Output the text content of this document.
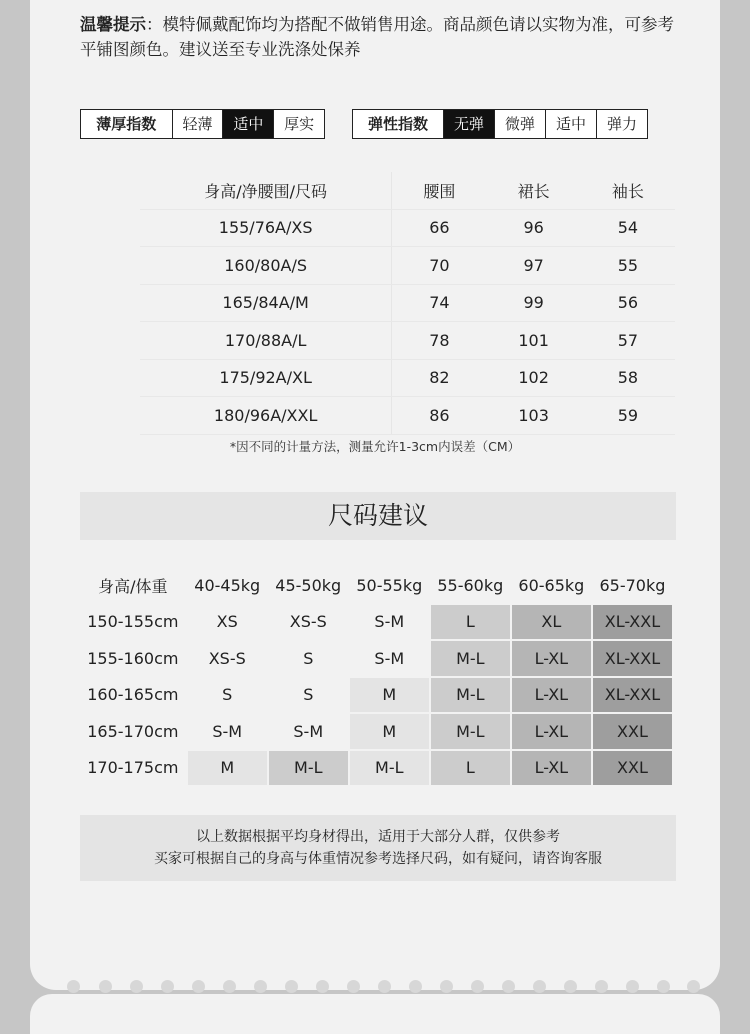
温馨提示：模特佩戴配饰均为搭配不做销售用途。商品颜色请以实物为准，可参考平铺图颜色。建议送至专业洗涤处保养
薄厚指数	轻薄	适中	厚实	弹性指数	无弹	微弹	适中	弹力
身高/净腰围/尺码	腰围	裙长	袖长
155/76A/XS	66	96	54
160/80A/S	70	97	55
165/84A/M	74	99	56
170/88A/L	78	101	57
175/92A/XL	82	102	58
180/96A/XXL	86	103	59
*因不同的计量方法，测量允许1-3cm内误差（CM）
尺码建议
身高/体重	40-45kg	45-50kg	50-55kg	55-60kg	60-65kg	65-70kg
150-155cm	XS	XS-S	S-M	L	XL	XL-XXL
155-160cm	XS-S	S	S-M	M-L	L-XL	XL-XXL
160-165cm	S	S	M	M-L	L-XL	XL-XXL
165-170cm	S-M	S-M	M	M-L	L-XL	XXL
170-175cm	M	M-L	M-L	L	L-XL	XXL
以上数据根据平均身材得出，适用于大部分人群，仅供参考
买家可根据自己的身高与体重情况参考选择尺码，如有疑问，请咨询客服
